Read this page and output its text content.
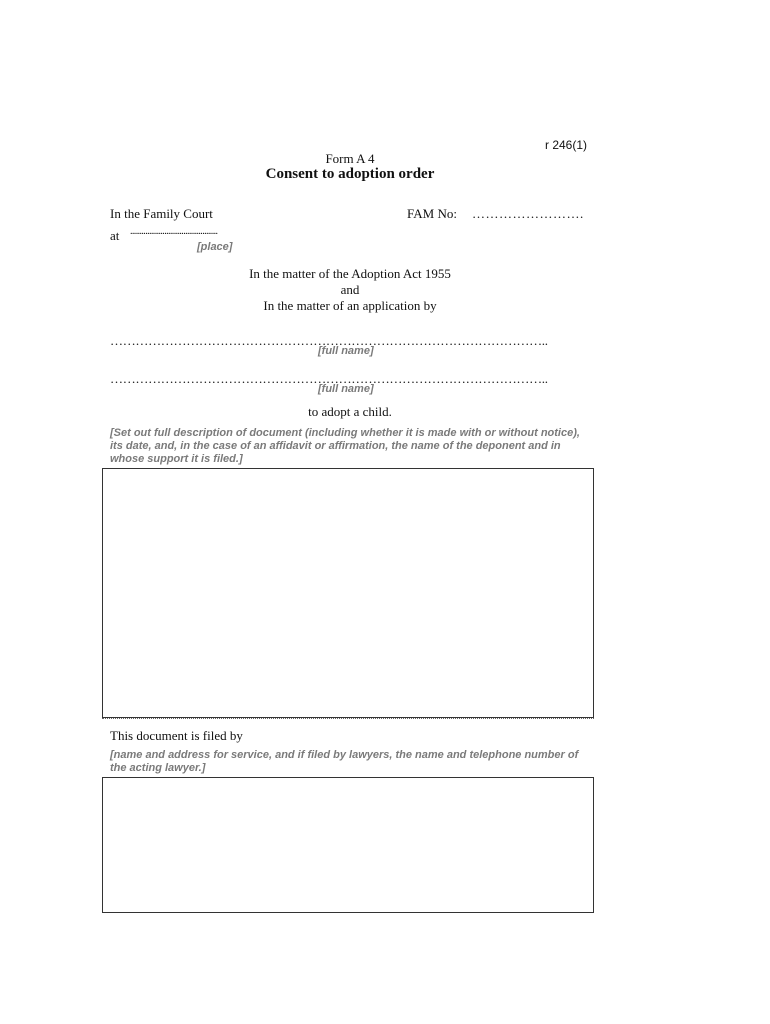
r 246(1)
Form A 4
Consent to adoption order
In the Family Court	FAM No: …………………….
at ..............................................
[place]
In the matter of the Adoption Act 1955
and
In the matter of an application by
…………………………………………………………………………………………..
[full name]
…………………………………………………………………………………………..
[full name]
to adopt a child.
[Set out full description of document (including whether it is made with or without notice), its date, and, in the case of an affidavit or affirmation, the name of the deponent and in whose support it is filed.]
This document is filed by
[name and address for service, and if filed by lawyers, the name and telephone number of the acting lawyer.]
